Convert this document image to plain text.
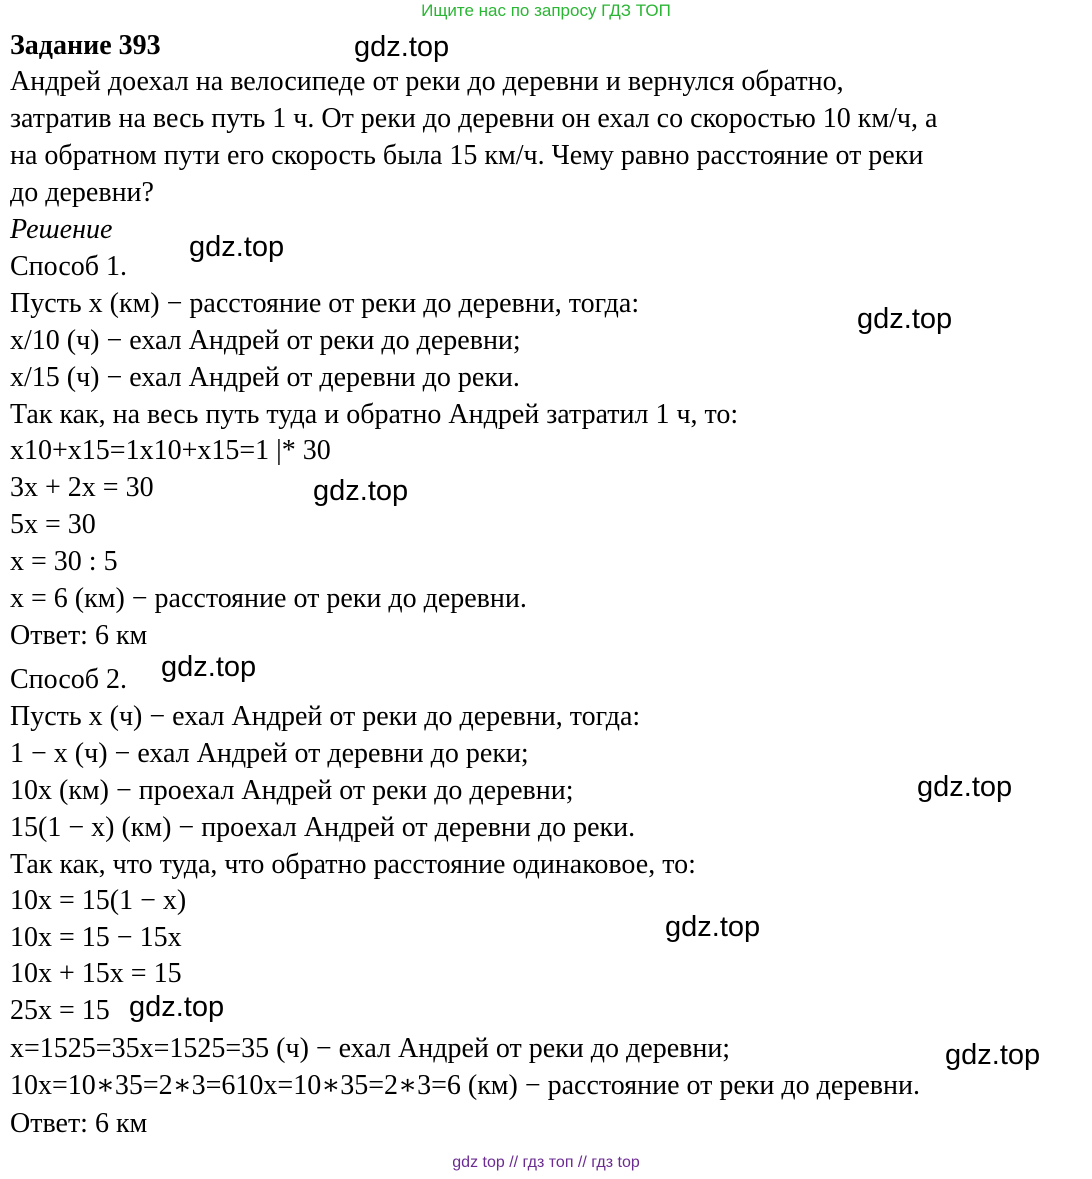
Ищите нас по запросу ГДЗ ТОП
Задание 393
Андрей доехал на велосипеде от реки до деревни и вернулся обратно,
затратив на весь путь 1 ч. От реки до деревни он ехал со скоростью 10 км/ч, а
на обратном пути его скорость была 15 км/ч. Чему равно расстояние от реки
до деревни?
Решение
Способ 1.
Пусть x (км) − расстояние от реки до деревни, тогда:
x/10 (ч) − ехал Андрей от реки до деревни;
x/15 (ч) − ехал Андрей от деревни до реки.
Так как, на весь путь туда и обратно Андрей затратил 1 ч, то:
x10+x15=1x10+x15=1 |* 30
3x + 2x = 30
5x = 30
x = 30 : 5
x = 6 (км) − расстояние от реки до деревни.
Ответ: 6 км
Способ 2.
Пусть x (ч) − ехал Андрей от реки до деревни, тогда:
1 − x (ч) − ехал Андрей от деревни до реки;
10x (км) − проехал Андрей от реки до деревни;
15(1 − x) (км) − проехал Андрей от деревни до реки.
Так как, что туда, что обратно расстояние одинаковое, то:
10x = 15(1 − x)
10x = 15 − 15x
10x + 15x = 15
25x = 15
x=1525=35x=1525=35 (ч) − ехал Андрей от реки до деревни;
10x=10∗35=2∗3=610x=10∗35=2∗3=6 (км) − расстояние от реки до деревни.
Ответ: 6 км
gdz.top
gdz.top
gdz.top
gdz.top
gdz.top
gdz.top
gdz.top
gdz.top
gdz.top
gdz top // гдз топ // гдз top
